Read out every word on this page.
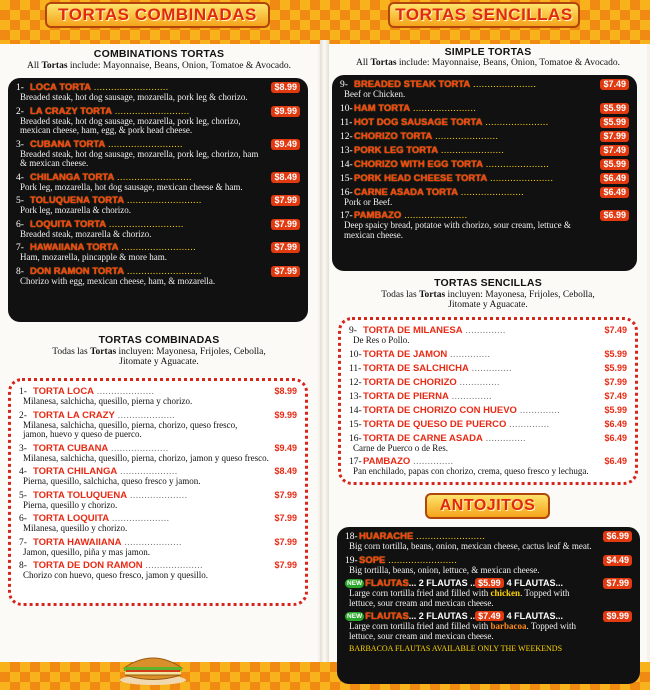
TORTAS COMBINADAS	TORTAS SENCILLAS
COMBINATIONS TORTAS
All Tortas include: Mayonnaise, Beans, Onion, Tomatoe & Avocado.
1- LOCA TORTA ..........................	$8.99
Breaded steak, hot dog sausage, mozarella, pork leg & chorizo.
2- LA CRAZY TORTA ..........................	$9.99
Breaded steak, hot dog sausage, mozarella, pork leg, chorizo,
mexican cheese, ham, egg, & pork head cheese.
3- CUBANA TORTA ..........................	$9.49
Breaded steak, hot dog sausage, mozarella, pork leg, chorizo, ham
& mexican cheese.
4- CHILANGA TORTA ..........................	$8.49
Pork leg, mozarella, hot dog sausage, mexican cheese & ham.
5- TOLUQUENA TORTA ..........................	$7.99
Pork leg, mozarella & chorizo.
6- LOQUITA TORTA ..........................	$7.99
Breaded steak, mozarella & chorizo.
7- HAWAIIANA TORTA ..........................	$7.99
Ham, mozarella, pincapple & more ham.
8- DON RAMON TORTA ..........................	$7.99
Chorizo with egg, mexican cheese, ham, & mozarella.
TORTAS COMBINADAS
Todas las Tortas incluyen: Mayonesa, Frijoles, Cebolla,
Jitomate y Aguacate.
1- TORTA LOCA ....................	$8.99
Milanesa, salchicha, quesillo, pierna y chorizo.
2- TORTA LA CRAZY ....................	$9.99
Milanesa, salchicha, quesillo, pierna, chorizo, queso fresco,
jamon, huevo y queso de puerco.
3- TORTA CUBANA ....................	$9.49
Milanesa, salchicha, quesillo, pierna, chorizo, jamon y queso fresco.
4- TORTA CHILANGA ....................	$8.49
Pierna, quesillo, salchicha, queso fresco y jamon.
5- TORTA TOLUQUENA ....................	$7.99
Pierna, quesillo y chorizo.
6- TORTA LOQUITA ....................	$7.99
Milanesa, quesillo y chorizo.
7- TORTA HAWAIIANA ....................	$7.99
Jamon, quesillo, piña y mas jamon.
8- TORTA DE DON RAMON ....................	$7.99
Chorizo con huevo, queso fresco, jamon y quesillo.
SIMPLE TORTAS
All Tortas include: Mayonnaise, Beans, Onion, Tomatoe & Avocado.
9- BREADED STEAK TORTA ......................	$7.49
Beef or Chicken.
10-HAM TORTA ......................	$5.99
11- HOT DOG SAUSAGE TORTA ......................	$5.99
12-CHORIZO TORTA ......................	$7.99
13-PORK LEG TORTA ......................	$7.49
14-CHORIZO WITH EGG TORTA ......................	$5.99
15-PORK HEAD CHEESE TORTA ......................	$6.49
16-CARNE ASADA TORTA ......................	$6.49
Pork or Beef.
17-PAMBAZO ......................	$6.99
Deep spaicy bread, potatoe with chorizo, sour cream, lettuce &
mexican cheese.
TORTAS SENCILLAS
Todas las Tortas incluyen: Mayonesa, Frijoles, Cebolla,
Jitomate y Aguacate.
9- TORTA DE MILANESA ..............	$7.49
De Res o Pollo.
10-TORTA DE JAMON ..............	$5.99
11- TORTA DE SALCHICHA ..............	$5.99
12-TORTA DE CHORIZO ..............	$7.99
13-TORTA DE PIERNA ..............	$7.49
14-TORTA DE CHORIZO CON HUEVO ..............	$5.99
15-TORTA DE QUESO DE PUERCO ..............	$6.49
16-TORTA DE CARNE ASADA ..............	$6.49
Carne de Puerco o de Res.
17-PAMBAZO ..............	$6.49
Pan enchilado, papas con chorizo, crema, queso fresco y lechuga.
ANTOJITOS
18-HUARACHE ........................	$6.99
Big corn tortilla, beans, onion, mexican cheese, cactus leaf & meat.
19-SOPE ........................	$4.49
Big tortilla, beans, onion, lettuce, & mexican cheese.
NEW FLAUTAS... 2 FLAUTAS .. $5.99 4 FLAUTAS...	$7.99
Large corn tortilla fried and filled with chicken. Topped with
lettuce, sour cream and mexican cheese.
NEW FLAUTAS... 2 FLAUTAS .. $7.49 4 FLAUTAS...	$9.99
Large corn tortilla fried and filled with barbacoa. Topped with
lettuce, sour cream and mexican cheese.
BARBACOA FLAUTAS AVAILABLE ONLY THE WEEKENDS
